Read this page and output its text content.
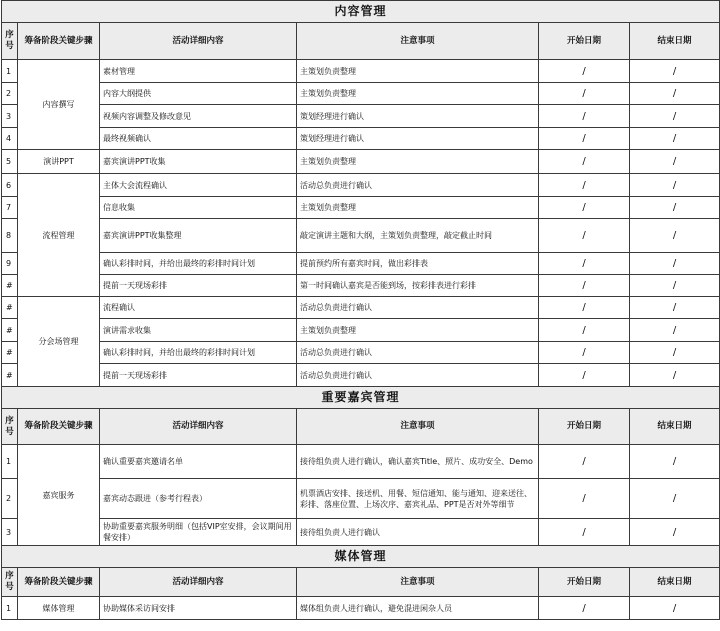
内容管理					
序号	筹备阶段关键步骤	活动详细内容	注意事项	开始日期	结束日期
1	内容撰写	素材管理	主策划负责整理	/	/
2		内容大纲提供	主策划负责整理	/	/
3		视频内容调整及修改意见	策划经理进行确认	/	/
4		最终视频确认	策划经理进行确认	/	/
5	演讲PPT	嘉宾演讲PPT收集	主策划负责整理	/	/
6	流程管理	主体大会流程确认	活动总负责进行确认	/	/
7		信息收集	主策划负责整理	/	/
8		嘉宾演讲PPT收集整理	敲定演讲主题和大纲，主策划负责整理，敲定截止时间	/	/
9		确认彩排时间，并给出最终的彩排时间计划	提前预约所有嘉宾时间，做出彩排表	/	/
#		提前一天现场彩排	第一时间确认嘉宾是否能到场，按彩排表进行彩排	/	/
#	分会场管理	流程确认	活动总负责进行确认	/	/
#		演讲需求收集	主策划负责整理	/	/
#		确认彩排时间，并给出最终的彩排时间计划	活动总负责进行确认	/	/
#		提前一天现场彩排	活动总负责进行确认	/	/
重要嘉宾管理					
序号	筹备阶段关键步骤	活动详细内容	注意事项	开始日期	结束日期
1	嘉宾服务	确认重要嘉宾邀请名单	接待组负责人进行确认，确认嘉宾Title、照片、成功安全、Demo	/	/
2		嘉宾动态跟进（参考行程表）	机票酒店安排、接送机、用餐、短信通知、能与通知、迎来送往、彩排、落座位置、上场次序、嘉宾礼品、PPT是否对外等细节	/	/
3		协助重要嘉宾服务明细（包括VIP室安排，会议期间用餐安排）	接待组负责人进行确认	/	/
媒体管理					
序号	筹备阶段关键步骤	活动详细内容	注意事项	开始日期	结束日期
1	媒体管理	协助媒体采访间安排	媒体组负责人进行确认，避免混进闲杂人员	/	/
